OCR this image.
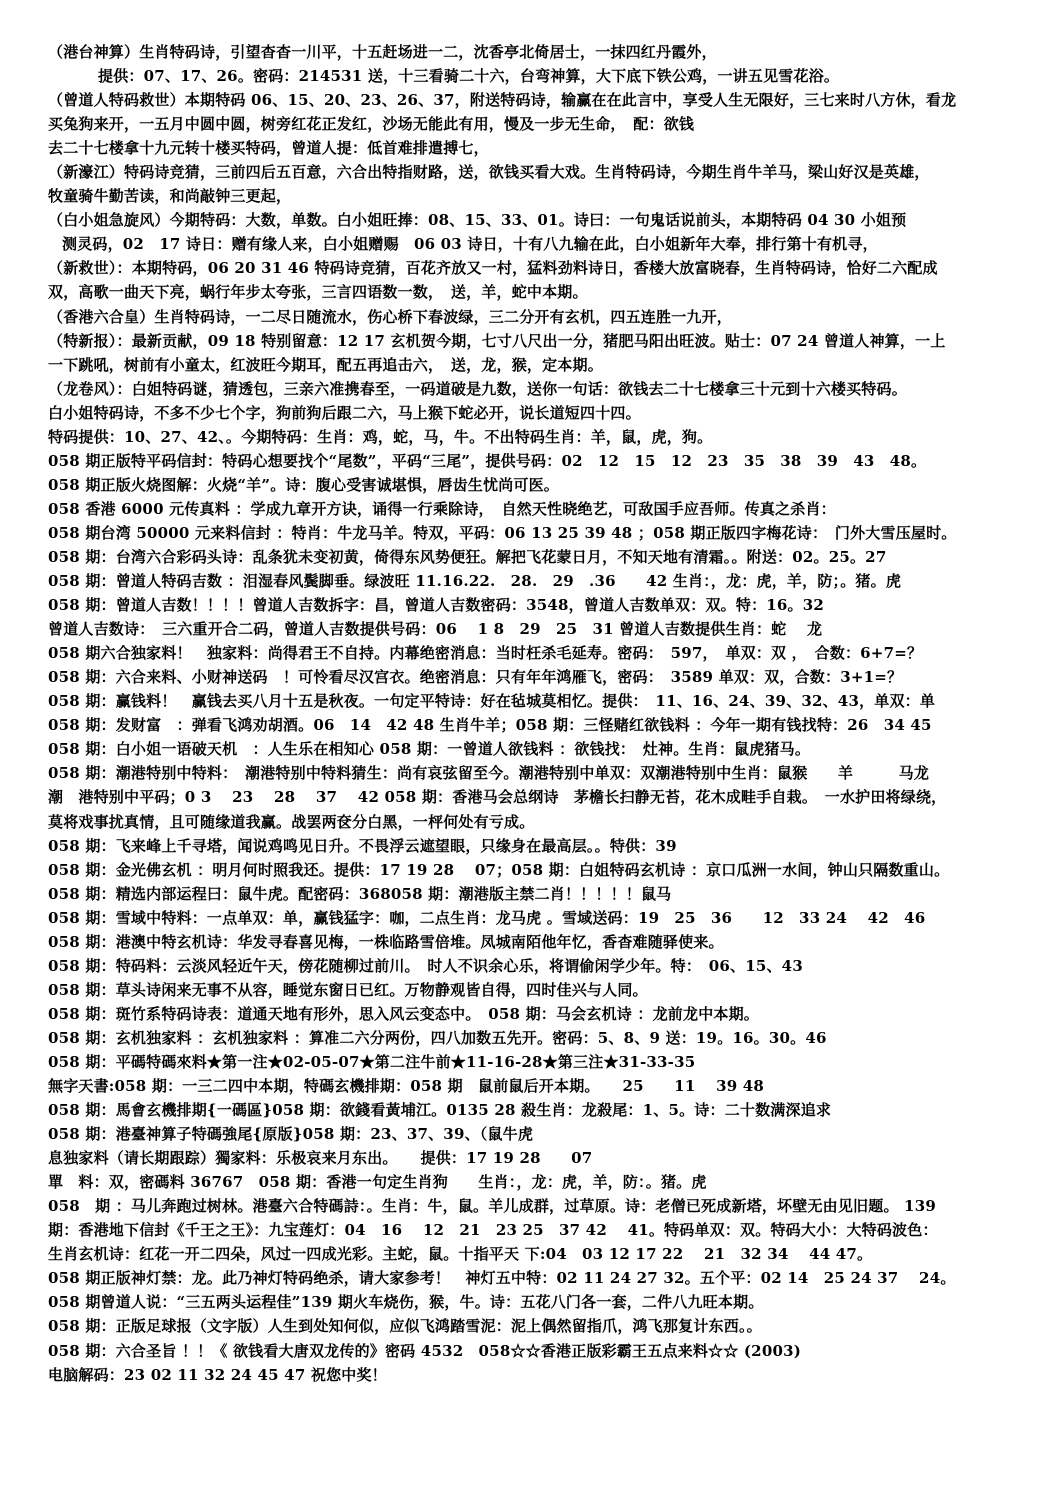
（港台神算）生肖特码诗，引望杳杳一川平，十五赶场进一二，沈香亭北倚居士，一抹四红丹霞外，
提供：07、17、26。密码：214531 送，十三看骑二十六，台弯神算，大下底下铁公鸡，一讲五见雪花浴。
（曾道人特码救世）本期特码 06、15、20、23、26、37，附送特码诗，输赢在在此言中，享受人生无限好，三七来时八方休，看龙
买兔狗来开，一五月中圆中圆，树旁红花正发红，沙场无能此有用，慢及一步无生命，　配：欲钱
去二十七楼拿十九元转十楼买特码，曾道人提：低首难排遣搏七，
（新濠江）特码诗竞猜，三前四后五百意，六合出特指财路，送，欲钱买看大戏。生肖特码诗，今期生肖牛羊马，梁山好汉是英雄，
牧童骑牛勤苦读，和尚敲钟三更起，
（白小姐急旋风）今期特码：大数，单数。白小姐旺捧：08、15、33、01。诗曰：一句鬼话说前头，本期特码 04 30 小姐预
测灵码，02　17 诗日：赠有缘人来，白小姐赠赐　06 03 诗日，十有八九输在此，白小姐新年大奉，排行第十有机寻，
（新救世）：本期特码，06 20 31 46 特码诗竞猜，百花齐放又一村，猛料劲料诗日，香楼大放富晓春，生肖特码诗，恰好二六配成
双，高歌一曲天下亮，蜗行年步太夸张，三言四语数一数，　送，羊，蛇中本期。
（香港六合皇）生肖特码诗，一二尽日随流水，伤心桥下春波绿，三二分开有玄机，四五连胜一九开，
（特新报）：最新贡献，09 18 特别留意：12 17 玄机贺今期，七寸八尺出一分，猪肥马阳出旺波。贴士：07 24 曾道人神算，一上
一下跳吼，树前有小童太，红波旺今期耳，配五再追击六，　送，龙，猴，定本期。
（龙卷风）：白姐特码谜，猜透包，三亲六准携春至，一码道破是九数，送你一句话：欲钱去二十七楼拿三十元到十六楼买特码。
白小姐特码诗，不多不少七个字，狗前狗后跟二六，马上猴下蛇必开，说长道短四十四。
特码提供：10、27、42、。今期特码：生肖：鸡，蛇，马，牛。不出特码生肖：羊，鼠，虎，狗。
058 期正版特平码信封：特码心想要找个“尾数”，平码“三尾”，提供号码：02　12　15　12　23　35　38　39　43　48。
058 期正版火烧图解：火烧“羊”。诗：腹心受害诚堪惧，唇齿生忧尚可医。
058 香港 6000 元传真料 ：学成九章开方诀，诵得一行乘除诗，　自然天性晓绝艺，可敌国手应吾师。传真之杀肖：
058 期台湾 50000 元来料信封 ：特肖：牛龙马羊。特双，平码：06 13 25 39 48 ；058 期正版四字梅花诗：　门外大雪压屋时。
058 期：台湾六合彩码头诗：乱条犹未变初黄，倚得东风势便狂。解把飞花蒙日月，不知天地有清霜。。附送：02。25。27
058 期：曾道人特码吉数 ：泪湿春风鬓脚垂。绿波旺 11.16.22.　28.　29　.36　　42 生肖：，龙：虎，羊，防；。猪。虎
058 期：曾道人吉数！！！！曾道人吉数拆字：昌，曾道人吉数密码：3548，曾道人吉数单双：双。特：16。32
曾道人吉数诗：　三六重开合二码，曾道人吉数提供号码：06　 1 8　29　25　31 曾道人吉数提供生肖：蛇　 龙
058 期六合独家料！　独家料：尚得君王不自持。内幕绝密消息：当时枉杀毛延寿。密码：　597，　单双：双 ，　合数：6+7=？
058 期：六合来料、小财神送码　！可怜看尽汉宫衣。绝密消息：只有年年鸿雁飞，密码：　3589 单双：双，合数：3+1=？
058 期：赢钱料！　赢钱去买八月十五是秋夜。一句定平特诗：好在毡城莫相忆。提供：　11、16、24、39、32、43，单双：单
058 期：发财富　：弹看飞鸿劝胡酒。06　14　42 48 生肖牛羊；058 期：三怪赌红欲钱料 ：今年一期有钱找特：26　34 45
058 期：白小姐一语破天机　：人生乐在相知心 058 期：一曾道人欲钱料 ：欲钱找：　灶神。生肖：鼠虎猪马。
058 期：潮港特别中特料：　潮港特别中特料猜生：尚有哀弦留至今。潮港特别中单双：双潮港特别中生肖：鼠猴　　羊　　　马龙
潮　港特别中平码；0 3　 23　 28　 37　 42 058 期：香港马会总纲诗　茅檐长扫静无苔，花木成畦手自栽。　一水护田将绿绕，
莫将戏事扰真情，且可随缘道我赢。战罢两奁分白黑，一枰何处有亏成。
058 期：飞来峰上千寻塔，闻说鸡鸣见日升。不畏浮云遮望眼，只缘身在最高层。。特供：39
058 期：金光佛玄机 ：明月何时照我还。提供：17 19 28　 07；058 期：白姐特码玄机诗 ：京口瓜洲一水间，钟山只隔数重山。
058 期：精选内部运程曰：鼠牛虎。配密码：368058 期：潮港版主禁二肖！！！！！鼠马
058 期：雪域中特料：一点单双：单，赢钱猛字：咖，二点生肖：龙马虎 。雪域送码：19　25　36　　12　33 24　 42　46
058 期：港澳中特玄机诗：华发寻春喜见梅，一株临路雪倍堆。凤城南陌他年忆，香杳难随驿使来。
058 期：特码料：云淡风轻近午天，傍花随柳过前川。　时人不识余心乐，将谓偷闲学少年。特：　06、15、43
058 期：草头诗闲来无事不从容，睡觉东窗日已红。万物静观皆自得，四时佳兴与人同。
058 期：斑竹系特码诗表：道通天地有形外，思入风云变态中。　058 期：马会玄机诗 ：龙前龙中本期。
058 期：玄机独家料 ：玄机独家料 ：算准二六分两份，四八加数五先开。密码：5、8、9 送：19。16。30。46
058 期：平碼特碼來料★第一注★02-05-07★第二注牛前★11-16-28★第三注★31-33-35
無字天書:058 期：一三二四中本期，特碼玄機排期：058 期　鼠前鼠后开本期。　　25　　11　 39 48
058 期：馬會玄機排期{一碼區}058 期：欲錢看黃埔江。0135 28 殺生肖：龙殺尾：1、5。诗：二十数满深追求
058 期：港臺神算子特碼強尾{原版}058 期：23、37、39、（鼠牛虎
息独家料（请长期跟踪）獨家料：乐极哀来月东出。　　提供：17 19 28　　07
單　料：双，密碼料 36767　058 期：香港一句定生肖狗　　生肖：，龙：虎，羊，防：。猪。虎
058　期 ：马儿奔跑过树林。港臺六合特碼詩：。生肖：牛，鼠。羊儿成群，过草原。诗：老僧已死成新塔，坏壁无由见旧题。 139
期：香港地下信封《千王之王》：九宝莲灯：04　16　 12　21　23 25　37 42　 41。特码单双：双。特码大小：大特码波色：
生肖玄机诗：红花一开二四朵，风过一四成光彩。主蛇，鼠。十指平天 下:04　03 12 17 22　 21　32 34　 44 47。
058 期正版神灯禁：龙。此乃神灯特码绝杀，请大家参考！　神灯五中特：02 11 24 27 32。五个平：02 14　25 24 37　 24。
058 期曾道人说：“三五两头运程佳”139 期火车烧伤，猴，牛。诗：五花八门各一套，二件八九旺本期。
058 期：正版足球报（文字版）人生到处知何似，应似飞鸿踏雪泥：泥上偶然留指爪，鸿飞那复计东西。。
058 期：六合圣旨 ！！《 欲钱看大唐双龙传的》密码 4532　058☆☆香港正版彩霸王五点来料☆☆ (2003)
电脑解码：23 02 11 32 24 45 47 祝您中奖！
